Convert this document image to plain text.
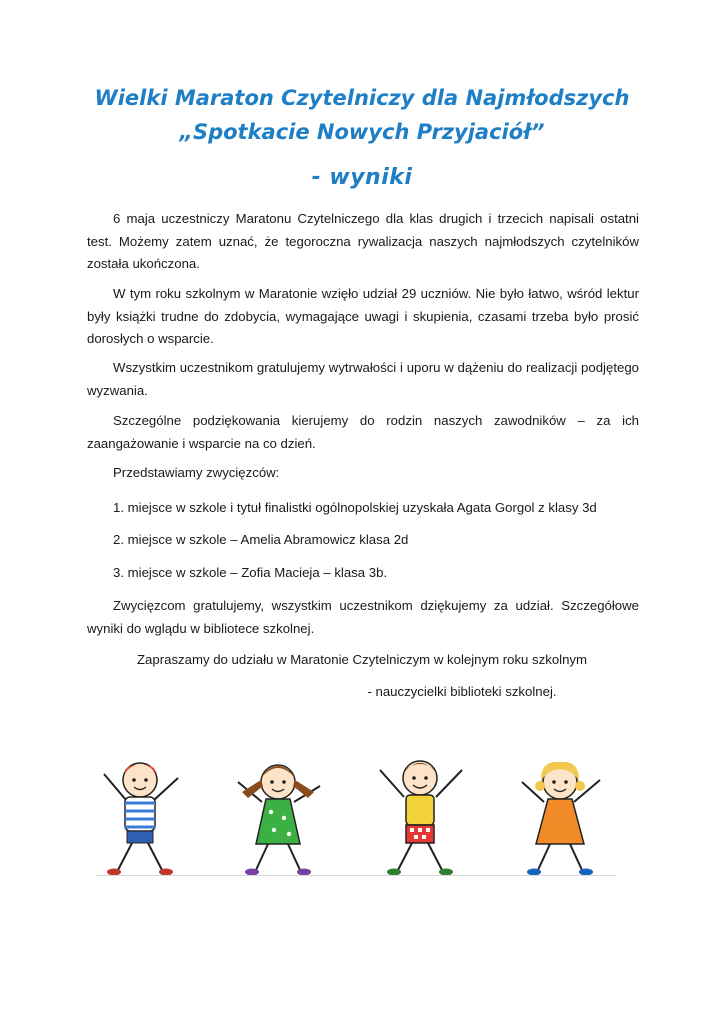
Wielki Maraton Czytelniczy dla Najmłodszych
„Spotkacie Nowych Przyjaciół”
- wyniki

6 maja uczestniczy Maratonu Czytelniczego dla klas drugich i trzecich napisali ostatni test. Możemy zatem uznać, że tegoroczna rywalizacja naszych najmłodszych czytelników została ukończona.

W tym roku szkolnym w Maratonie wzięło udział 29 uczniów. Nie było łatwo, wśród lektur były książki trudne do zdobycia, wymagające uwagi i skupienia, czasami trzeba było prosić dorosłych o wsparcie.

Wszystkim uczestnikom gratulujemy wytrwałości i uporu w dążeniu do realizacji podjętego wyzwania.

Szczególne podziękowania kierujemy do rodzin naszych zawodników – za ich zaangażowanie i wsparcie na co dzień.

Przedstawiamy zwycięzców:
1. miejsce w szkole i tytuł finalistki ogólnopolskiej uzyskała Agata Gorgol z klasy 3d
2. miejsce w szkole – Amelia Abramowicz klasa 2d
3. miejsce w szkole – Zofia Macieja – klasa 3b.

Zwycięzcom gratulujemy, wszystkim uczestnikom dziękujemy za udział. Szczegółowe wyniki do wglądu w bibliotece szkolnej.

Zapraszamy do udziału w Maratonie Czytelniczym w kolejnym roku szkolnym
- nauczycielki biblioteki szkolnej.
